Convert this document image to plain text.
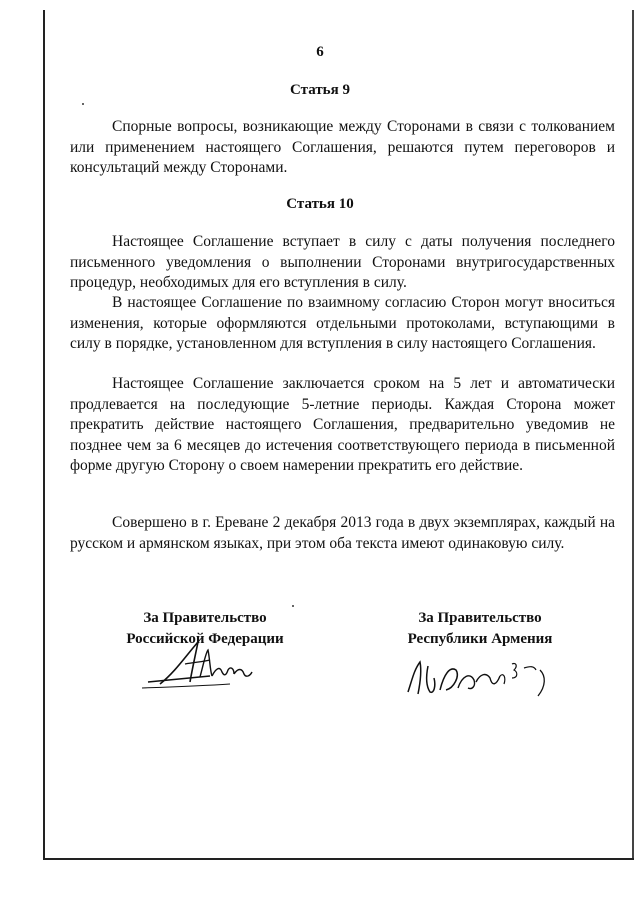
6
Статья 9

Спорные вопросы, возникающие между Сторонами в связи с толкованием или применением настоящего Соглашения, решаются путем переговоров и консультаций между Сторонами.

Статья 10

Настоящее Соглашение вступает в силу с даты получения последнего письменного уведомления о выполнении Сторонами внутригосударственных процедур, необходимых для его вступления в силу.

В настоящее Соглашение по взаимному согласию Сторон могут вноситься изменения, которые оформляются отдельными протоколами, вступающими в силу в порядке, установленном для вступления в силу настоящего Соглашения.

Настоящее Соглашение заключается сроком на 5 лет и автоматически продлевается на последующие 5-летние периоды. Каждая Сторона может прекратить действие настоящего Соглашения, предварительно уведомив не позднее чем за 6 месяцев до истечения соответствующего периода в письменной форме другую Сторону о своем намерении прекратить его действие.

Совершено в г. Ереване 2 декабря 2013 года в двух экземплярах, каждый на русском и армянском языках, при этом оба текста имеют одинаковую силу.

За Правительство
Российской Федерации
За Правительство
Республики Армения
